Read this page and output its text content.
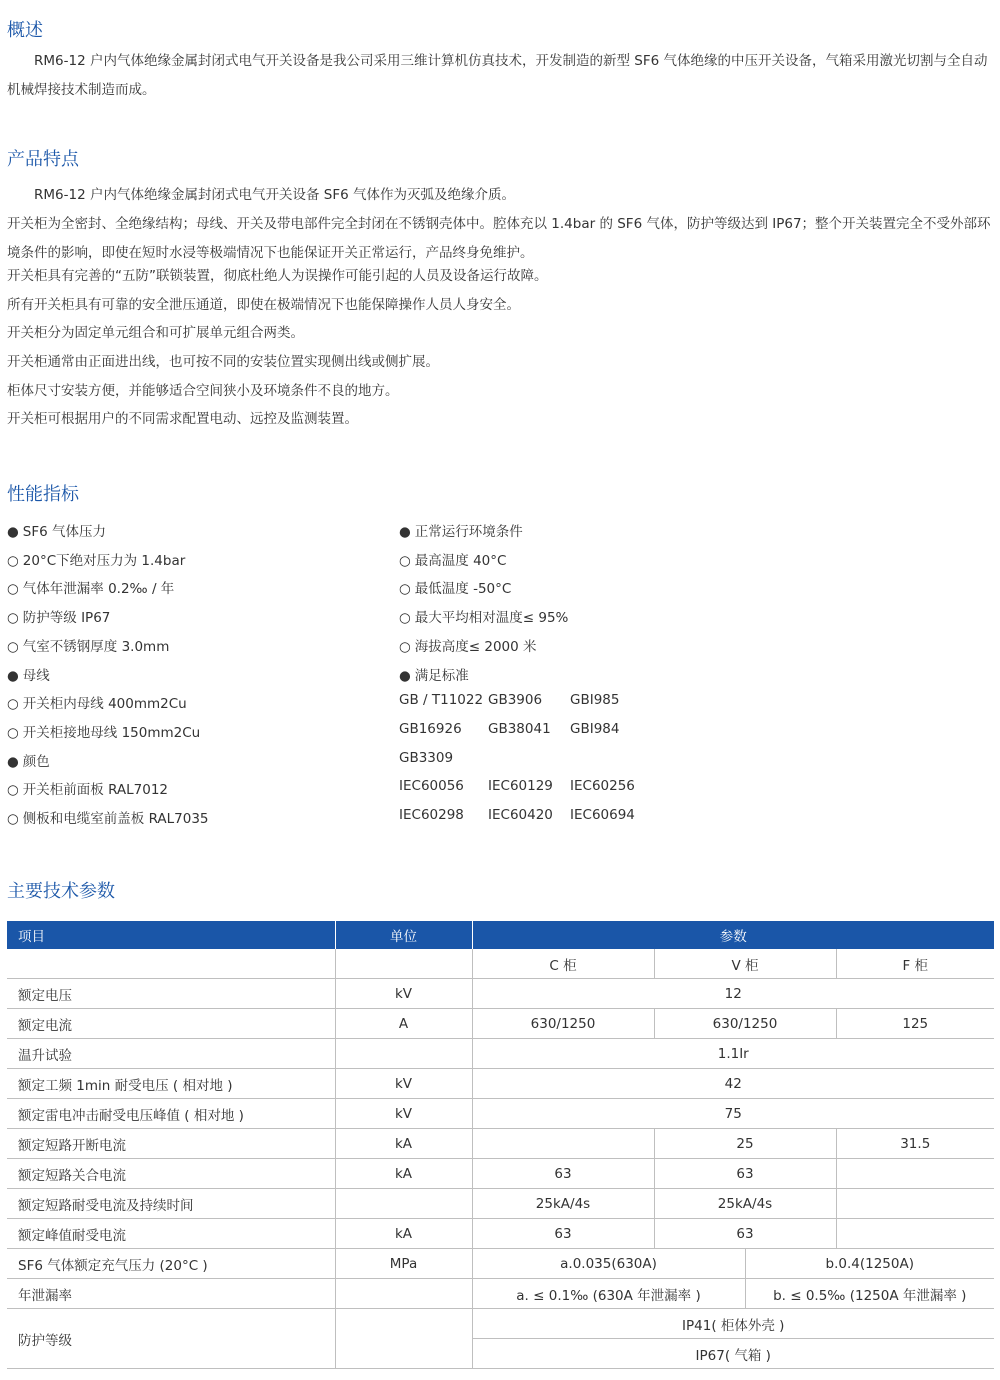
概述

RM6-12 户内气体绝缘金属封闭式电气开关设备是我公司采用三维计算机仿真技术，开发制造的新型 SF6 气体绝缘的中压开关设备，气箱采用激光切割与全自动机械焊接技术制造而成。

产品特点

RM6-12 户内气体绝缘金属封闭式电气开关设备 SF6 气体作为灭弧及绝缘介质。

开关柜为全密封、全绝缘结构；母线、开关及带电部件完全封闭在不锈钢壳体中。腔体充以 1.4bar 的 SF6 气体，防护等级达到 IP67；整个开关装置完全不受外部环境条件的影响，即使在短时水浸等极端情况下也能保证开关正常运行，产品终身免维护。

开关柜具有完善的“五防”联锁装置，彻底杜绝人为误操作可能引起的人员及设备运行故障。

所有开关柜具有可靠的安全泄压通道，即使在极端情况下也能保障操作人员人身安全。

开关柜分为固定单元组合和可扩展单元组合两类。

开关柜通常由正面进出线，也可按不同的安装位置实现侧出线或侧扩展。

柜体尺寸安装方便，并能够适合空间狭小及环境条件不良的地方。

开关柜可根据用户的不同需求配置电动、远控及监测装置。

性能指标
● SF6 气体压力
○ 20°C下绝对压力为 1.4bar
○ 气体年泄漏率 0.2‰ / 年
○ 防护等级 IP67
○ 气室不锈钢厚度 3.0mm
● 母线
○ 开关柜内母线 400mm2Cu
○ 开关柜接地母线 150mm2Cu
● 颜色
○ 开关柜前面板 RAL7012
○ 侧板和电缆室前盖板 RAL7035
● 正常运行环境条件
○ 最高温度 40°C
○ 最低温度 -50°C
○ 最大平均相对温度≤ 95%
○ 海拔高度≤ 2000 米
● 满足标准
GB / T11022 GB3906 GBI985
GB16926 GB38041 GBI984
GB3309
IEC60056 IEC60129 IEC60256
IEC60298 IEC60420 IEC60694
主要技术参数
项目	单位	参数			
		C 柜	V 柜		F 柜
额定电压	kV	12			
额定电流	A	630/1250	630/1250		125
温升试验		1.1Ir			
额定工频 1min 耐受电压 ( 相对地 )	kV	42			
额定雷电冲击耐受电压峰值 ( 相对地 )	kV	75			
额定短路开断电流	kA		25		31.5
额定短路关合电流	kA	63	63		
额定短路耐受电流及持续时间		25kA/4s	25kA/4s		
额定峰值耐受电流	kA	63	63		
SF6 气体额定充气压力 (20°C )	MPa	a.0.035(630A)		b.0.4(1250A)	
年泄漏率		a. ≤ 0.1‰ (630A 年泄漏率 )		b. ≤ 0.5‰ (1250A 年泄漏率 )	
防护等级		IP41( 柜体外壳 )			
		IP67( 气箱 )			
